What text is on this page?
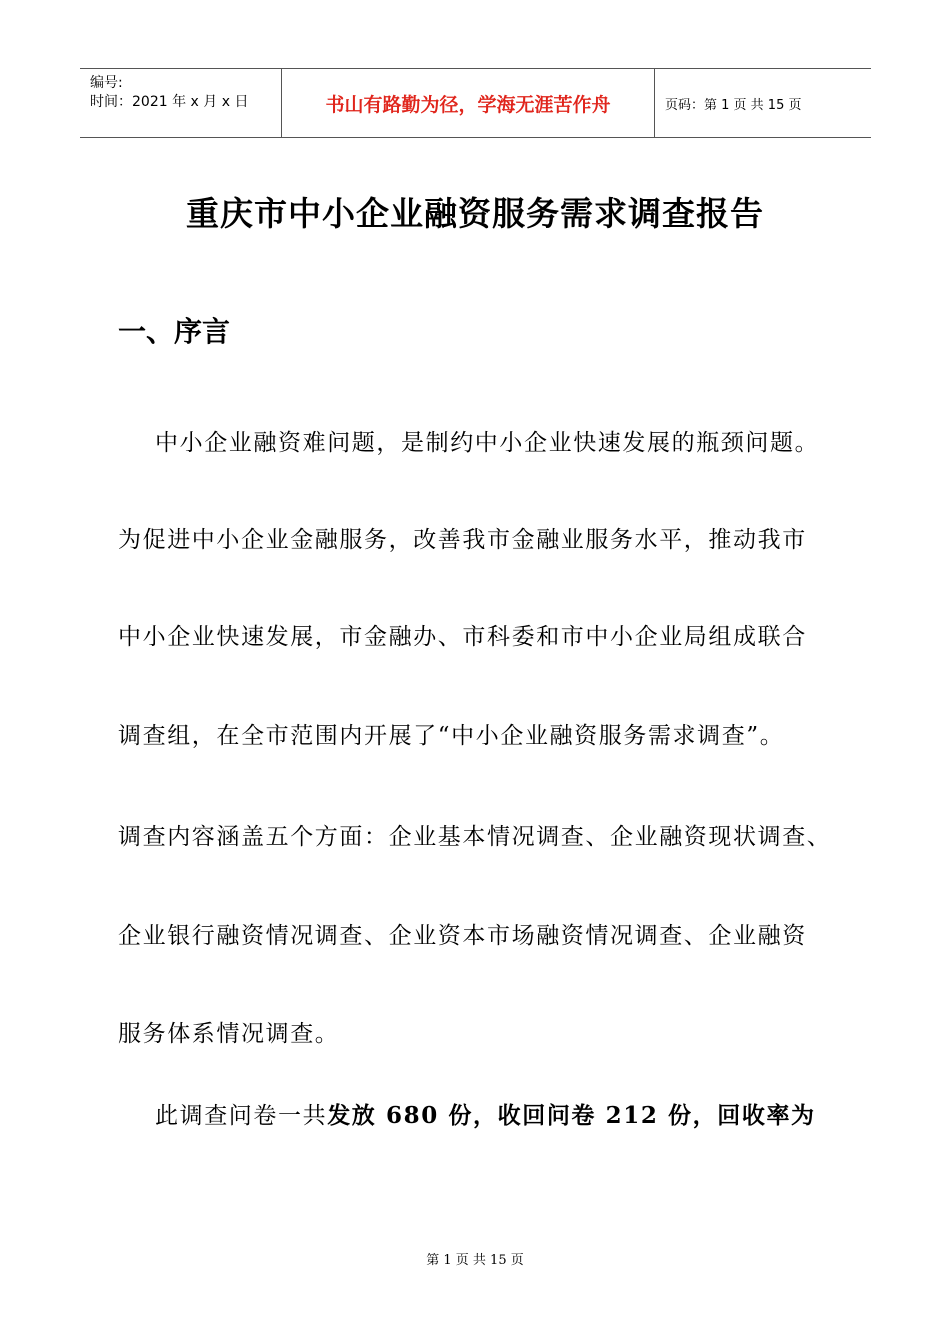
编号:
时间：2021 年 x 月 x 日	书山有路勤为径，学海无涯苦作舟	页码：第 1 页 共 15 页
重庆市中小企业融资服务需求调查报告
一、序言
中小企业融资难问题，是制约中小企业快速发展的瓶颈问题。
为促进中小企业金融服务，改善我市金融业服务水平，推动我市
中小企业快速发展，市金融办、市科委和市中小企业局组成联合
调查组，在全市范围内开展了“中小企业融资服务需求调查”。
调查内容涵盖五个方面：企业基本情况调查、企业融资现状调查、
企业银行融资情况调查、企业资本市场融资情况调查、企业融资
服务体系情况调查。
此调查问卷一共发放 680 份，收回问卷 212 份，回收率为
第 1 页 共 15 页
